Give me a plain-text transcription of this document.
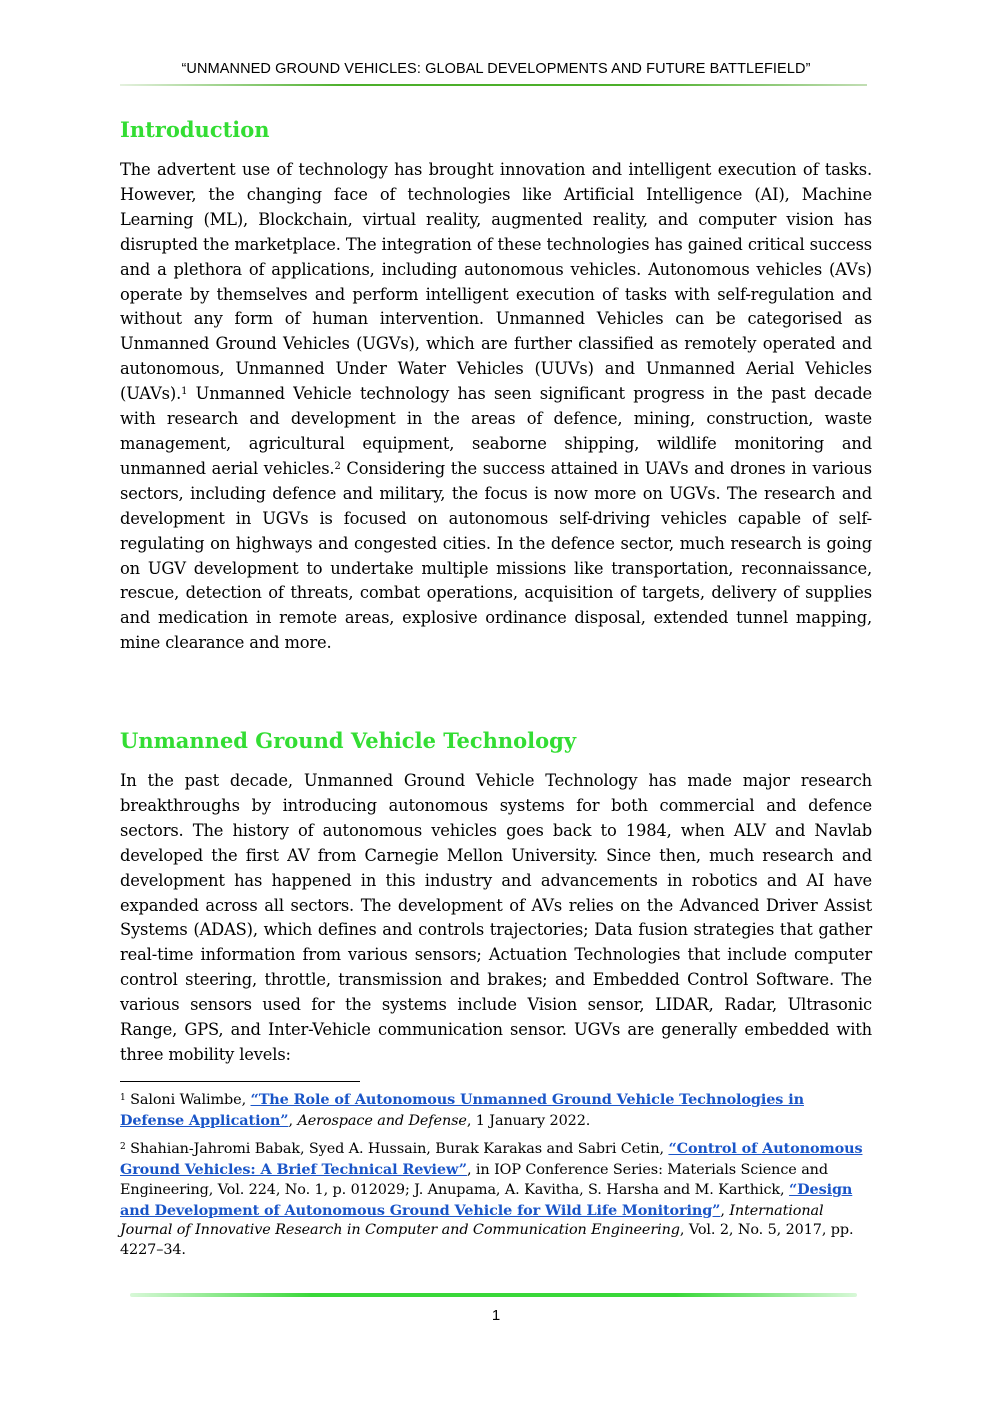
“UNMANNED GROUND VEHICLES: GLOBAL DEVELOPMENTS AND FUTURE BATTLEFIELD”
Introduction

The advertent use of technology has brought innovation and intelligent execution of tasks. However, the changing face of technologies like Artificial Intelligence (AI), Machine Learning (ML), Blockchain, virtual reality, augmented reality, and computer vision has disrupted the marketplace. The integration of these technologies has gained critical success and a plethora of applications, including autonomous vehicles. Autonomous vehicles (AVs) operate by themselves and perform intelligent execution of tasks with self-regulation and without any form of human intervention. Unmanned Vehicles can be categorised as Unmanned Ground Vehicles (UGVs), which are further classified as remotely operated and autonomous, Unmanned Under Water Vehicles (UUVs) and Unmanned Aerial Vehicles (UAVs).$^1$ Unmanned Vehicle technology has seen significant progress in the past decade with research and development in the areas of defence, mining, construction, waste management, agricultural equipment, seaborne shipping, wildlife monitoring and unmanned aerial vehicles.$^2$ Considering the success attained in UAVs and drones in various sectors, including defence and military, the focus is now more on UGVs. The research and development in UGVs is focused on autonomous self-driving vehicles capable of self-regulating on highways and congested cities. In the defence sector, much research is going on UGV development to undertake multiple missions like transportation, reconnaissance, rescue, detection of threats, combat operations, acquisition of targets, delivery of supplies and medication in remote areas, explosive ordinance disposal, extended tunnel mapping, mine clearance and more.

Unmanned Ground Vehicle Technology

In the past decade, Unmanned Ground Vehicle Technology has made major research breakthroughs by introducing autonomous systems for both commercial and defence sectors. The history of autonomous vehicles goes back to 1984, when ALV and Navlab developed the first AV from Carnegie Mellon University. Since then, much research and development has happened in this industry and advancements in robotics and AI have expanded across all sectors. The development of AVs relies on the Advanced Driver Assist Systems (ADAS), which defines and controls trajectories; Data fusion strategies that gather real-time information from various sensors; Actuation Technologies that include computer control steering, throttle, transmission and brakes; and Embedded Control Software. The various sensors used for the systems include Vision sensor, LIDAR, Radar, Ultrasonic Range, GPS, and Inter-Vehicle communication sensor. UGVs are generally embedded with three mobility levels:

$^1$ Saloni Walimbe, “The Role of Autonomous Unmanned Ground Vehicle Technologies in Defense Application”, Aerospace and Defense, 1 January 2022.

$^2$ Shahian-Jahromi Babak, Syed A. Hussain, Burak Karakas and Sabri Cetin, “Control of Autonomous Ground Vehicles: A Brief Technical Review”, in IOP Conference Series: Materials Science and Engineering, Vol. 224, No. 1, p. 012029; J. Anupama, A. Kavitha, S. Harsha and M. Karthick, “Design and Development of Autonomous Ground Vehicle for Wild Life Monitoring”, International Journal of Innovative Research in Computer and Communication Engineering, Vol. 2, No. 5, 2017, pp. 4227–34.

1
